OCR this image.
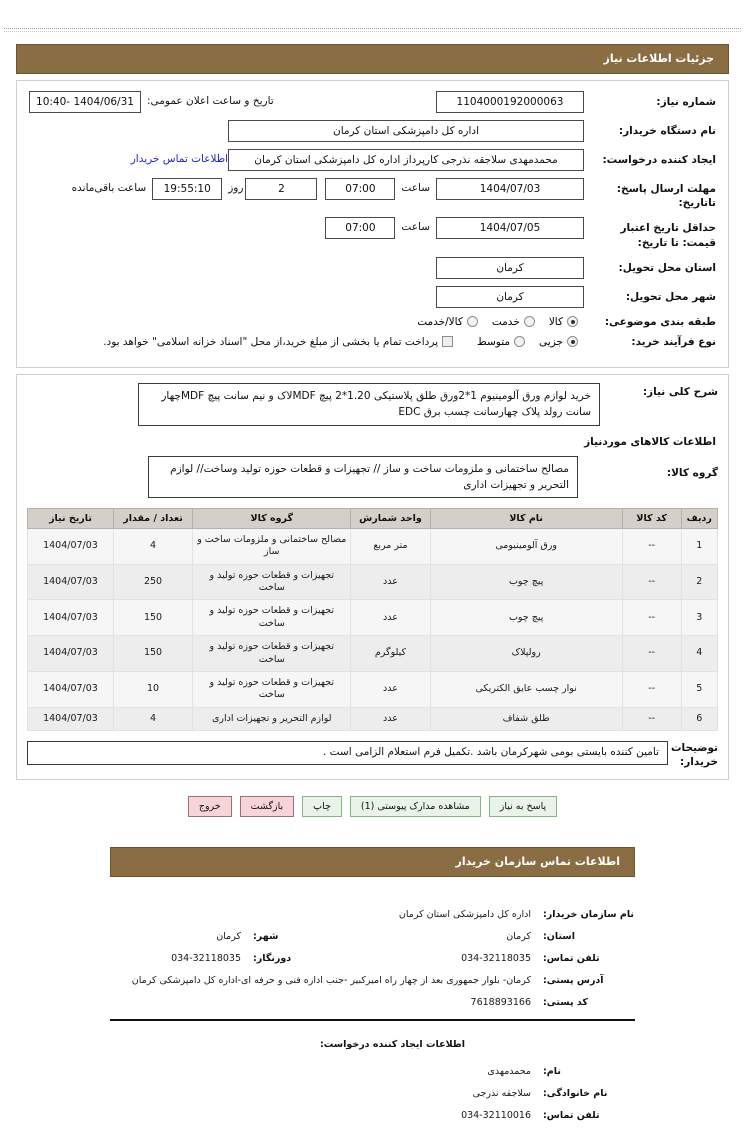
جزئیات اطلاعات نیاز
شماره نیاز:
1104000192000063
تاریخ و ساعت اعلان عمومی:
1404/06/31 -10:40
نام دستگاه خریدار:
اداره کل دامپزشکی استان کرمان
ایجاد کننده درخواست:
محمدمهدی سلاجقه نذرجی کارپرداز اداره کل دامپزشکی استان کرمان
اطلاعات تماس خریدار
مهلت ارسال پاسخ: تاتاریخ:
1404/07/03
ساعت
07:00
2
روز
19:55:10
ساعت باقی‌مانده
حداقل تاریخ اعتبار قیمت: تا تاریخ:
1404/07/05
ساعت
07:00
استان محل تحویل:
کرمان
شهر محل تحویل:
کرمان
طبقه بندی موضوعی:
کالا
خدمت
کالا/خدمت
نوع فرآیند خرید:
جزیی
متوسط
پرداخت تمام یا بخشی از مبلغ خرید،از محل "اسناد خزانه اسلامی" خواهد بود.
شرح کلی نیاز:
خرید لوازم ورق آلومینیوم 1*2ورق طلق پلاستیکی 1.20*2 پیچ MDFلاک و نیم سانت پیچ MDFچهار سانت رولد پلاک چهارسانت چسب برق EDC
اطلاعات کالاهای موردنیاز
گروه کالا:
مصالح ساختمانی و ملزومات ساخت و ساز // تجهیزات و قطعات حوزه تولید وساخت// لوازم التحریر و تجهیزات اداری
ردیف	کد کالا	نام کالا	واحد شمارش	گروه کالا	تعداد / مقدار	تاریخ نیاز
1	--	ورق آلومینیومی	متر مربع	مصالح ساختمانی و ملزومات ساخت و ساز	4	1404/07/03
2	--	پیچ چوب	عدد	تجهیزات و قطعات حوزه تولید و ساخت	250	1404/07/03
3	--	پیچ چوب	عدد	تجهیزات و قطعات حوزه تولید و ساخت	150	1404/07/03
4	--	رولپلاک	کیلوگرم	تجهیزات و قطعات حوزه تولید و ساخت	150	1404/07/03
5	--	نوار چسب عایق الکتریکی	عدد	تجهیزات و قطعات حوزه تولید و ساخت	10	1404/07/03
6	--	طلق شفاف	عدد	لوازم التحریر و تجهیزات اداری	4	1404/07/03
توضیحات خریدار:
تامین کننده بایستی بومی شهرکرمان باشد .تکمیل فرم استعلام الزامی است .
پاسخ به نیاز
مشاهده مدارک پیوستی (1)
چاپ
بازگشت
خروج
اطلاعات تماس سازمان خریدار
نام سازمان خریدار:
اداره کل دامپزشکی استان کرمان
استان:
کرمان
شهر:
کرمان
تلفن تماس:
034-32118035
دورنگار:
034-32118035
آدرس پستی:
کرمان- بلوار جمهوری بعد از چهار راه امیرکبیر -جنب اداره فنی و حرفه ای-اداره کل دامپزشکی کرمان
کد پستی:
7618893166
اطلاعات ایجاد کننده درخواست:
نام:
محمدمهدی
نام خانوادگی:
سلاجقه نذرجی
تلفن تماس:
034-32110016
